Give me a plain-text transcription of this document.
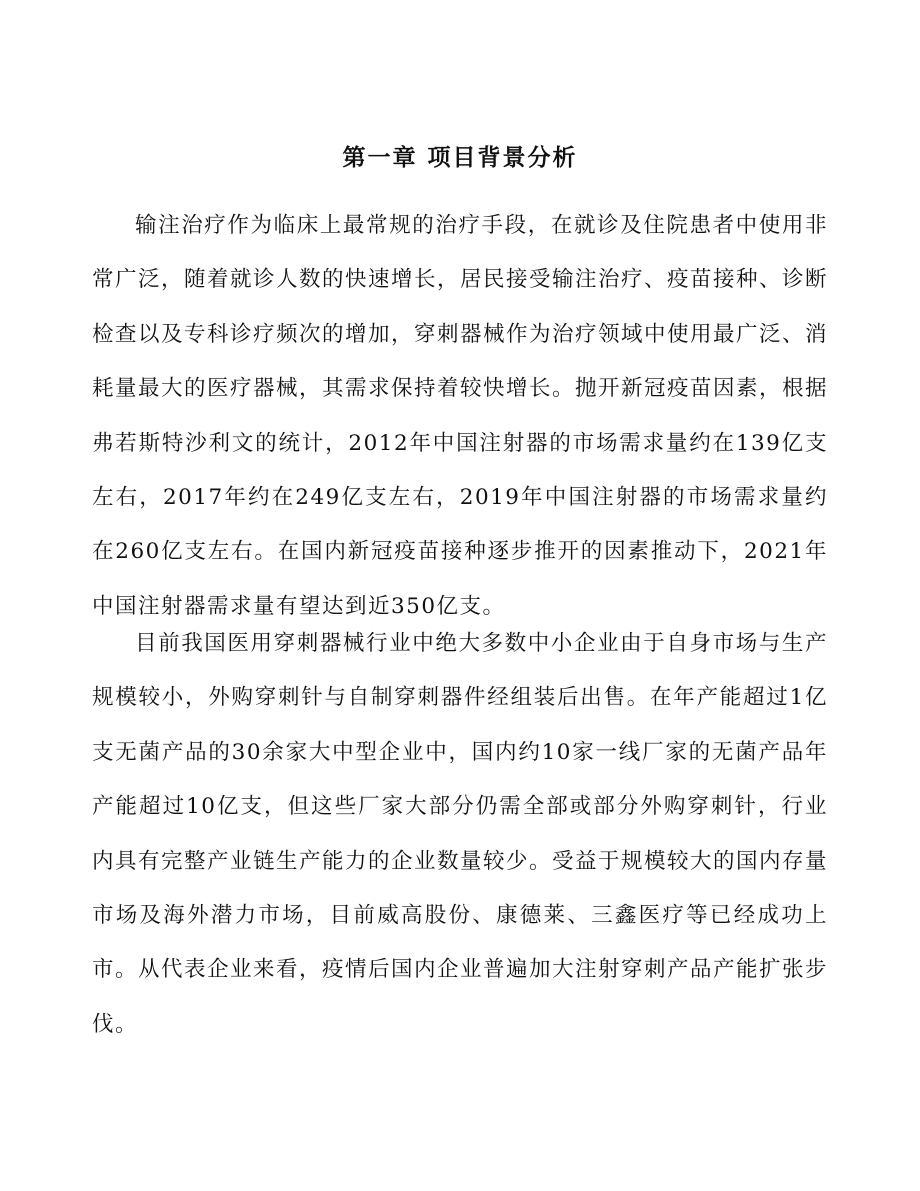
第一章 项目背景分析

输注治疗作为临床上最常规的治疗手段，在就诊及住院患者中使用非常广泛，随着就诊人数的快速增长，居民接受输注治疗、疫苗接种、诊断检查以及专科诊疗频次的增加，穿刺器械作为治疗领域中使用最广泛、消耗量最大的医疗器械，其需求保持着较快增长。抛开新冠疫苗因素，根据弗若斯特沙利文的统计，2012年中国注射器的市场需求量约在139亿支左右，2017年约在249亿支左右，2019年中国注射器的市场需求量约在260亿支左右。在国内新冠疫苗接种逐步推开的因素推动下，2021年中国注射器需求量有望达到近350亿支。

目前我国医用穿刺器械行业中绝大多数中小企业由于自身市场与生产规模较小，外购穿刺针与自制穿刺器件经组装后出售。在年产能超过1亿支无菌产品的30余家大中型企业中，国内约10家一线厂家的无菌产品年产能超过10亿支，但这些厂家大部分仍需全部或部分外购穿刺针，行业内具有完整产业链生产能力的企业数量较少。受益于规模较大的国内存量市场及海外潜力市场，目前威高股份、康德莱、三鑫医疗等已经成功上市。从代表企业来看，疫情后国内企业普遍加大注射穿刺产品产能扩张步伐。
